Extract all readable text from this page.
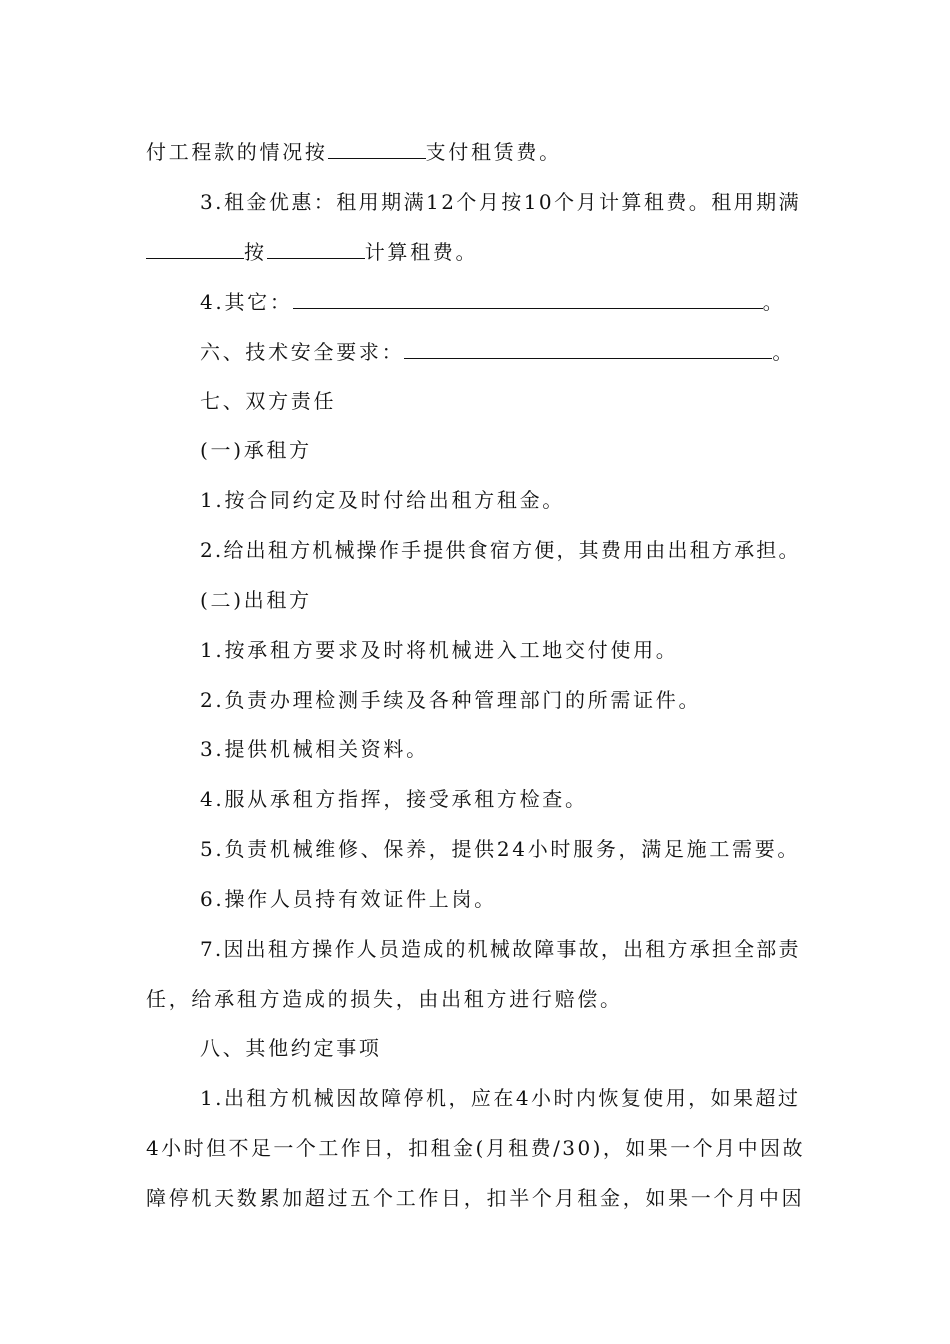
付工程款的情况按	支付租赁费。

3.租金优惠：租用期满12个月按10个月计算租费。租用期满

按	计算租费。

4.其它：	。

六、技术安全要求：	。

七、双方责任

(一)承租方

1.按合同约定及时付给出租方租金。

2.给出租方机械操作手提供食宿方便，其费用由出租方承担。

(二)出租方

1.按承租方要求及时将机械进入工地交付使用。

2.负责办理检测手续及各种管理部门的所需证件。

3.提供机械相关资料。

4.服从承租方指挥，接受承租方检查。

5.负责机械维修、保养，提供24小时服务，满足施工需要。

6.操作人员持有效证件上岗。

7.因出租方操作人员造成的机械故障事故，出租方承担全部责

任，给承租方造成的损失，由出租方进行赔偿。

八、其他约定事项

1.出租方机械因故障停机，应在4小时内恢复使用，如果超过

4小时但不足一个工作日，扣租金(月租费/30)，如果一个月中因故

障停机天数累加超过五个工作日，扣半个月租金，如果一个月中因
